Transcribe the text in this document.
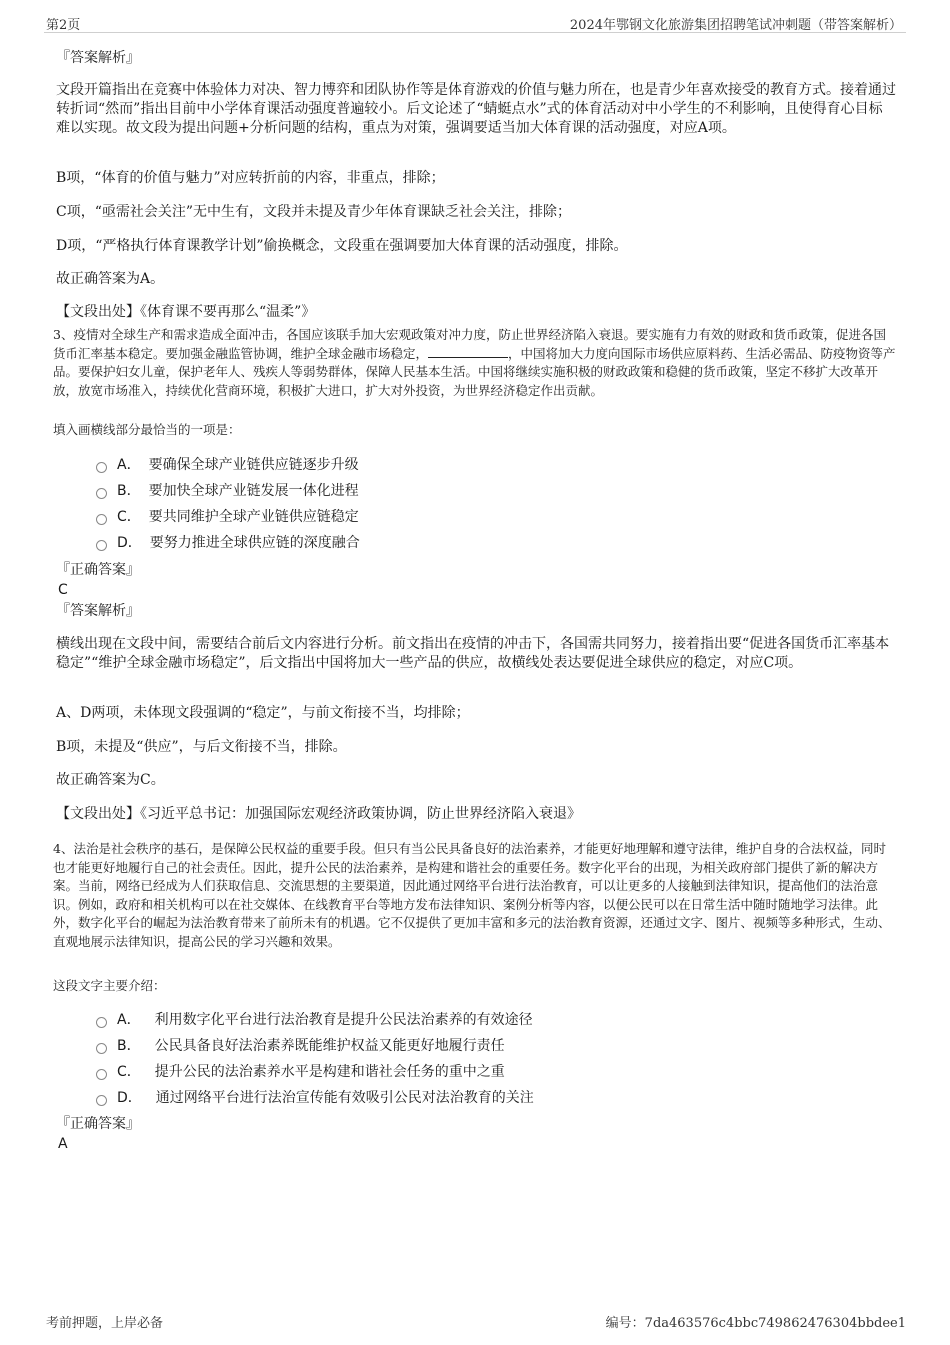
第2页	2024年鄂钢文化旅游集团招聘笔试冲刺题（带答案解析）
『答案解析』
文段开篇指出在竞赛中体验体力对决、智力博弈和团队协作等是体育游戏的价值与魅力所在，也是青少年喜欢接受的教育方式。接着通过转折词“然而”指出目前中小学体育课活动强度普遍较小。后文论述了“蜻蜓点水”式的体育活动对中小学生的不利影响，且使得育心目标难以实现。故文段为提出问题+分析问题的结构，重点为对策，强调要适当加大体育课的活动强度，对应A项。
B项，“体育的价值与魅力”对应转折前的内容，非重点，排除；
C项，“亟需社会关注”无中生有，文段并未提及青少年体育课缺乏社会关注，排除；
D项，“严格执行体育课教学计划”偷换概念，文段重在强调要加大体育课的活动强度，排除。
故正确答案为A。
【文段出处】《体育课不要再那么“温柔”》
3、疫情对全球生产和需求造成全面冲击，各国应该联手加大宏观政策对冲力度，防止世界经济陷入衰退。要实施有力有效的财政和货币政策，促进各国货币汇率基本稳定。要加强金融监管协调，维护全球金融市场稳定，	，中国将加大力度向国际市场供应原料药、生活必需品、防疫物资等产品。要保护妇女儿童，保护老年人、残疾人等弱势群体，保障人民基本生活。中国将继续实施积极的财政政策和稳健的货币政策，坚定不移扩大改革开放，放宽市场准入，持续优化营商环境，积极扩大进口，扩大对外投资，为世界经济稳定作出贡献。
填入画横线部分最恰当的一项是：
A． 要确保全球产业链供应链逐步升级
B． 要加快全球产业链发展一体化进程
C． 要共同维护全球产业链供应链稳定
D． 要努力推进全球供应链的深度融合
『正确答案』
C
『答案解析』
横线出现在文段中间，需要结合前后文内容进行分析。前文指出在疫情的冲击下，各国需共同努力，接着指出要“促进各国货币汇率基本稳定”“维护全球金融市场稳定”，后文指出中国将加大一些产品的供应，故横线处表达要促进全球供应的稳定，对应C项。
A、D两项，未体现文段强调的“稳定”，与前文衔接不当，均排除；
B项，未提及“供应”，与后文衔接不当，排除。
故正确答案为C。
【文段出处】《习近平总书记：加强国际宏观经济政策协调，防止世界经济陷入衰退》
4、法治是社会秩序的基石，是保障公民权益的重要手段。但只有当公民具备良好的法治素养，才能更好地理解和遵守法律，维护自身的合法权益，同时也才能更好地履行自己的社会责任。因此，提升公民的法治素养，是构建和谐社会的重要任务。数字化平台的出现，为相关政府部门提供了新的解决方案。当前，网络已经成为人们获取信息、交流思想的主要渠道，因此通过网络平台进行法治教育，可以让更多的人接触到法律知识，提高他们的法治意识。例如，政府和相关机构可以在社交媒体、在线教育平台等地方发布法律知识、案例分析等内容，以便公民可以在日常生活中随时随地学习法律。此外，数字化平台的崛起为法治教育带来了前所未有的机遇。它不仅提供了更加丰富和多元的法治教育资源，还通过文字、图片、视频等多种形式，生动、直观地展示法律知识，提高公民的学习兴趣和效果。
这段文字主要介绍：
A． 利用数字化平台进行法治教育是提升公民法治素养的有效途径
B． 公民具备良好法治素养既能维护权益又能更好地履行责任
C． 提升公民的法治素养水平是构建和谐社会任务的重中之重
D． 通过网络平台进行法治宣传能有效吸引公民对法治教育的关注
『正确答案』
A
考前押题，上岸必备	编号：7da463576c4bbc749862476304bbdee1
